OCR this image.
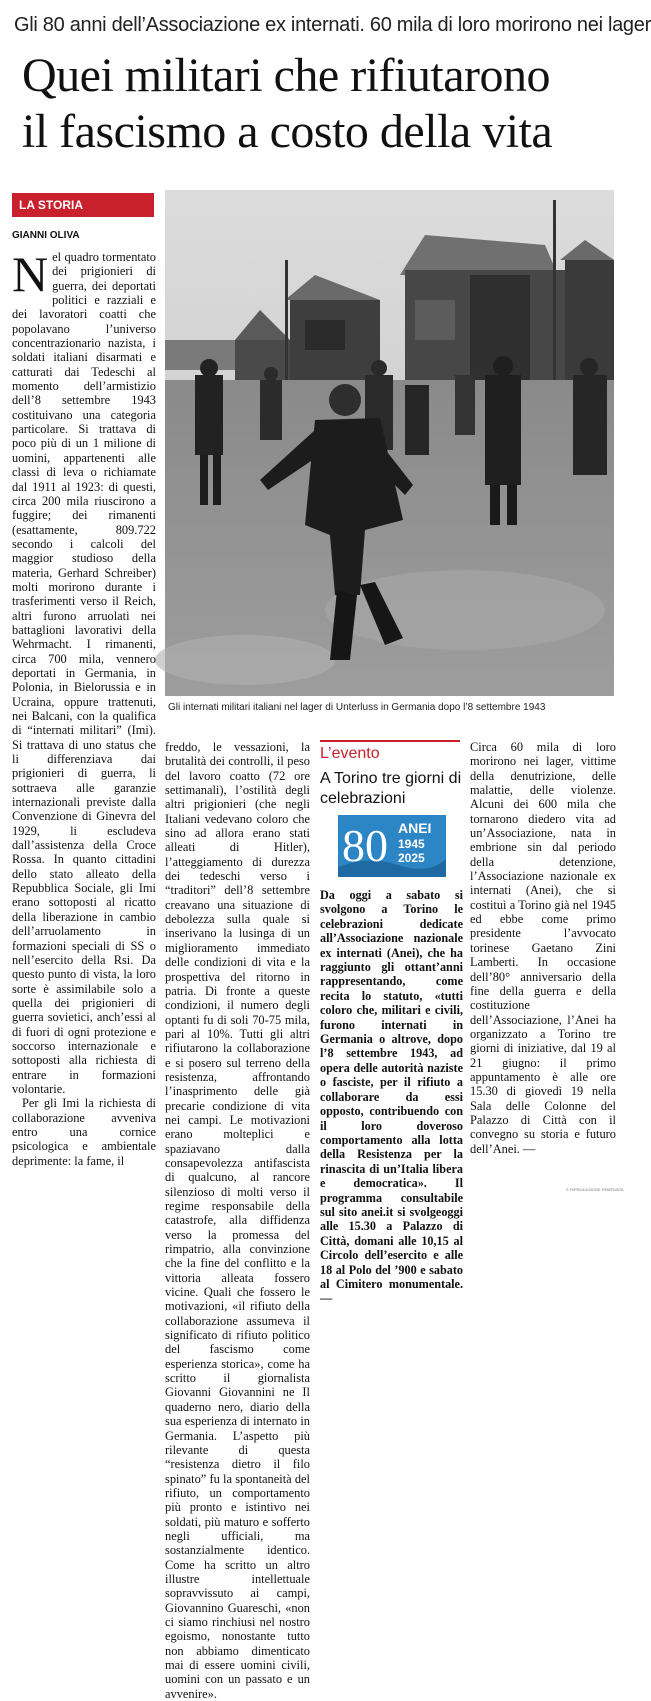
Gli 80 anni dell’Associazione ex internati. 60 mila di loro morirono nei lager
Quei militari che rifiutarono
il fascismo a costo della vita
LA STORIA
GIANNI OLIVA
Gli internati militari italiani nel lager di Unterluss in Germania dopo l’8 settembre 1943

Nel quadro tormentato dei prigionieri di guerra, dei deportati politici e razziali e dei lavoratori coatti che popolavano l’universo concentrazionario nazista, i soldati italiani disarmati e catturati dai Tedeschi al momento dell’armistizio dell’8 settembre 1943 costituivano una categoria particolare. Si trattava di poco più di un 1 milione di uomini, appartenenti alle classi di leva o richiamate dal 1911 al 1923: di questi, circa 200 mila riuscirono a fuggire; dei rimanenti (esattamente, 809.722 secondo i calcoli del maggior studioso della materia, Gerhard Schreiber) molti morirono durante i trasferimenti verso il Reich, altri furono arruolati nei battaglioni lavorativi della Wehrmacht. I rimanenti, circa 700 mila, vennero deportati in Germania, in Polonia, in Bielorussia e in Ucraina, oppure trattenuti, nei Balcani, con la qualifica di “internati militari” (Imi). Si trattava di uno status che li differenziava dai prigionieri di guerra, li sottraeva alle garanzie internazionali previste dalla Convenzione di Ginevra del 1929, li escludeva dall’assistenza della Croce Rossa. In quanto cittadini dello stato alleato della Repubblica Sociale, gli Imi erano sottoposti al ricatto della liberazione in cambio dell’arruolamento in formazioni speciali di SS o nell’esercito della Rsi. Da questo punto di vista, la loro sorte è assimilabile solo a quella dei prigionieri di guerra sovietici, anch’essi al di fuori di ogni protezione e soccorso internazionale e sottoposti alla richiesta di entrare in formazioni volontarie.

Per gli Imi la richiesta di collaborazione avveniva entro una cornice psicologica e ambientale deprimente: la fame, il

freddo, le vessazioni, la brutalità dei controlli, il peso del lavoro coatto (72 ore settimanali), l’ostilità degli altri prigionieri (che negli Italiani vedevano coloro che sino ad allora erano stati alleati di Hitler), l’atteggiamento di durezza dei tedeschi verso i “traditori” dell’8 settembre creavano una situazione di debolezza sulla quale si inserivano la lusinga di un miglioramento immediato delle condizioni di vita e la prospettiva del ritorno in patria. Di fronte a queste condizioni, il numero degli optanti fu di soli 70-75 mila, pari al 10%. Tutti gli altri rifiutarono la collaborazione e si posero sul terreno della resistenza, affrontando l’inasprimento delle già precarie condizione di vita nei campi. Le motivazioni erano molteplici e spaziavano dalla consapevolezza antifascista di qualcuno, al rancore silenzioso di molti verso il regime responsabile della catastrofe, alla diffidenza verso la promessa del rimpatrio, alla convinzione che la fine del conflitto e la vittoria alleata fossero vicine. Quali che fossero le motivazioni, «il rifiuto della collaborazione assumeva il significato di rifiuto politico del fascismo come esperienza storica», come ha scritto il giornalista Giovanni Giovannini ne Il quaderno nero, diario della sua esperienza di internato in Germania. L’aspetto più rilevante di questa “resistenza dietro il filo spinato” fu la spontaneità del rifiuto, un comportamento più pronto e istintivo nei soldati, più maturo e sofferto negli ufficiali, ma sostanzialmente identico. Come ha scritto un altro illustre intellettuale sopravvissuto ai campi, Giovannino Guareschi, «non ci siamo rinchiusi nel nostro egoismo, nonostante tutto non abbiamo dimenticato mai di essere uomini civili, uomini con un passato e un avvenire».

Circa 60 mila di loro morirono nei lager, vittime della denutrizione, delle malattie, delle violenze. Alcuni dei 600 mila che tornarono diedero vita ad un’Associazione, nata in embrione sin dal periodo della detenzione, l’Associazione nazionale ex internati (Anei), che si costituì a Torino già nel 1945 ed ebbe come primo presidente l’avvocato torinese Gaetano Zini Lamberti. In occasione dell’80° anniversario della fine della guerra e della costituzione dell’Associazione, l’Anei ha organizzato a Torino tre giorni di iniziative, dal 19 al 21 giugno: il primo appuntamento è alle ore 15.30 di giovedì 19 nella Sala delle Colonne del Palazzo di Città con il convegno su storia e futuro dell’Anei. —

L’evento
A Torino tre giorni di celebrazioni
80 ANEI
1945
2025
Da oggi a sabato si svolgono a Torino le celebrazioni dedicate all’Associazione nazionale ex internati (Anei), che ha raggiunto gli ottant’anni rappresentando, come recita lo statuto, «tutti coloro che, militari e civili, furono internati in Germania o altrove, dopo l’8 settembre 1943, ad opera delle autorità naziste o fasciste, per il rifiuto a collaborare da essi opposto, contribuendo con il loro doveroso comportamento alla lotta della Resistenza per la rinascita di un’Italia libera e democratica». Il programma consultabile sul sito anei.it si svolgeoggi alle 15.30 a Palazzo di Città, domani alle 10,15 al Circolo dell’esercito e alle 18 al Polo del ’900 e sabato al Cimitero monumentale. —
© RIPRODUZIONE RISERVATA
